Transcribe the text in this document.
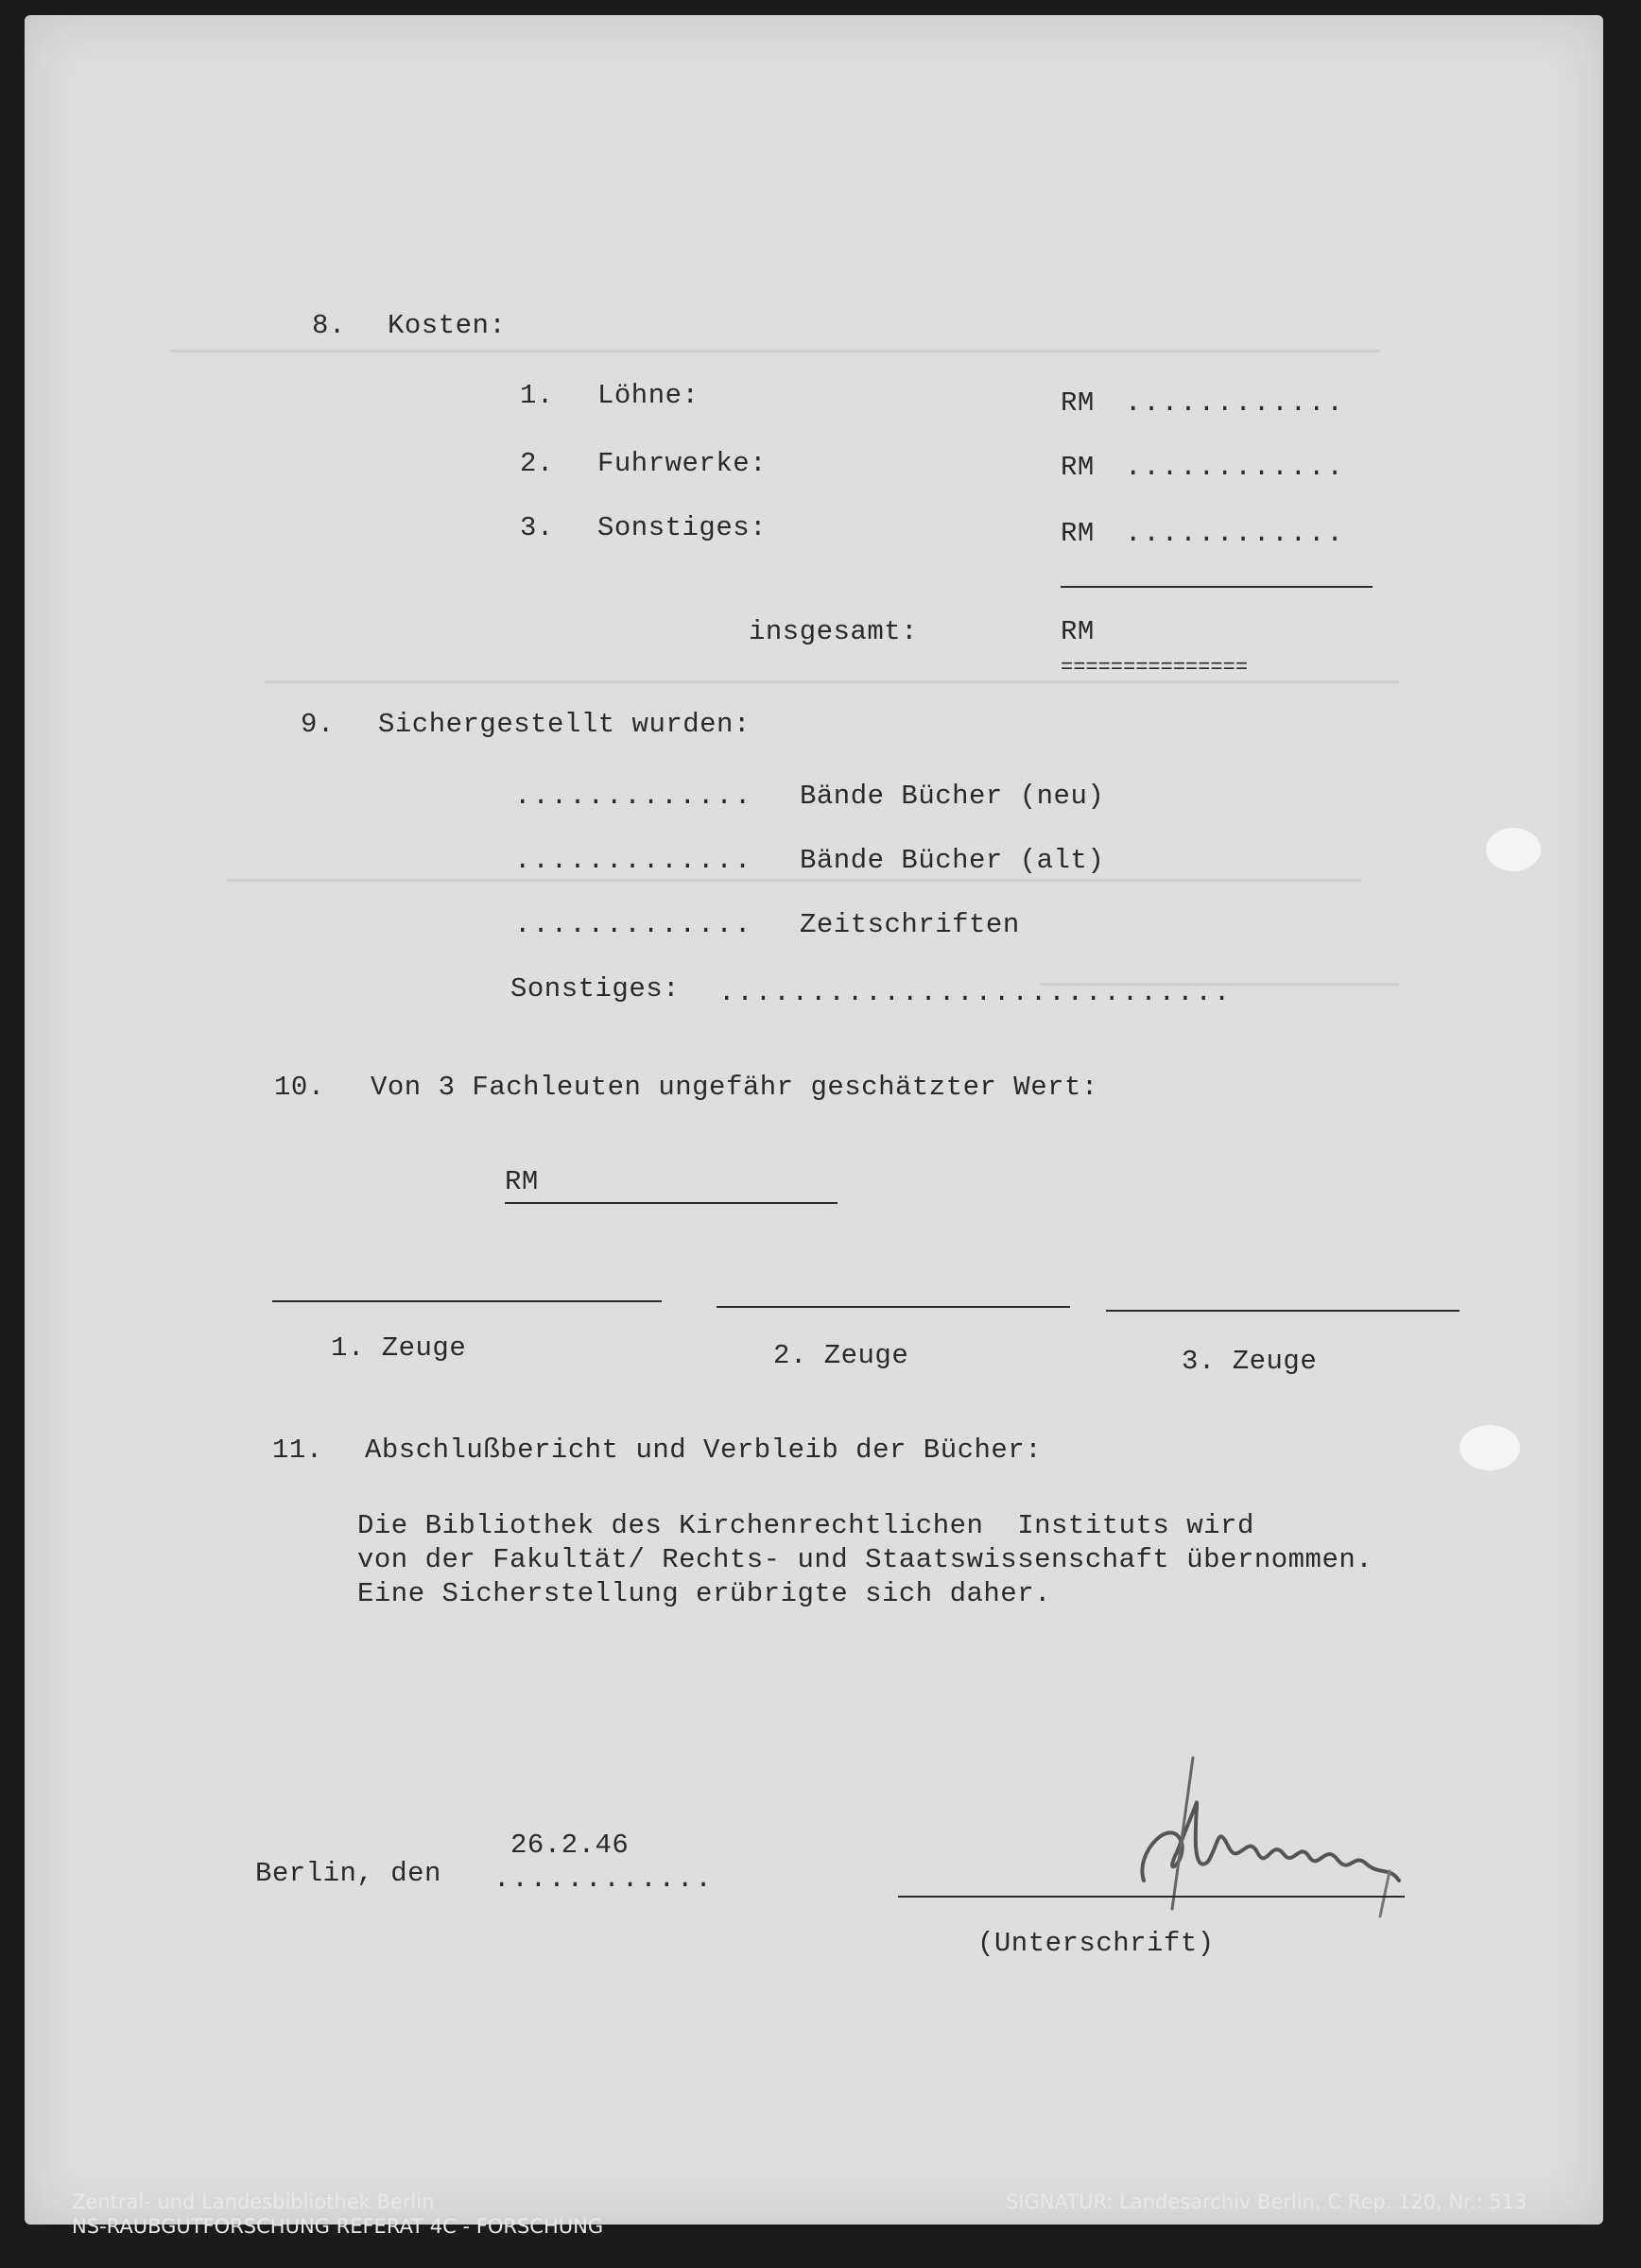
8. Kosten:
1. Löhne:	RM ............
2. Fuhrwerke:	RM ............
3. Sonstiges:	RM ............
insgesamt:	RM
===============
9. Sichergestellt wurden:
............. Bände Bücher (neu)
............. Bände Bücher (alt)
............. Zeitschriften
Sonstiges: ............................
10. Von 3 Fachleuten ungefähr geschätzter Wert:
RM
1. Zeuge	2. Zeuge	3. Zeuge
11. Abschlußbericht und Verbleib der Bücher:
Die Bibliothek des Kirchenrechtlichen  Instituts wird
von der Fakultät/ Rechts- und Staatswissenschaft übernommen.
Eine Sicherstellung erübrigte sich daher.
26.2.46
Berlin, den ............
(Unterschrift)
Zentral- und Landesbibliothek Berlin
NS-RAUBGUTFORSCHUNG REFERAT 4C - FORSCHUNG
SIGNATUR: Landesarchiv Berlin, C Rep. 120, Nr.: 513
